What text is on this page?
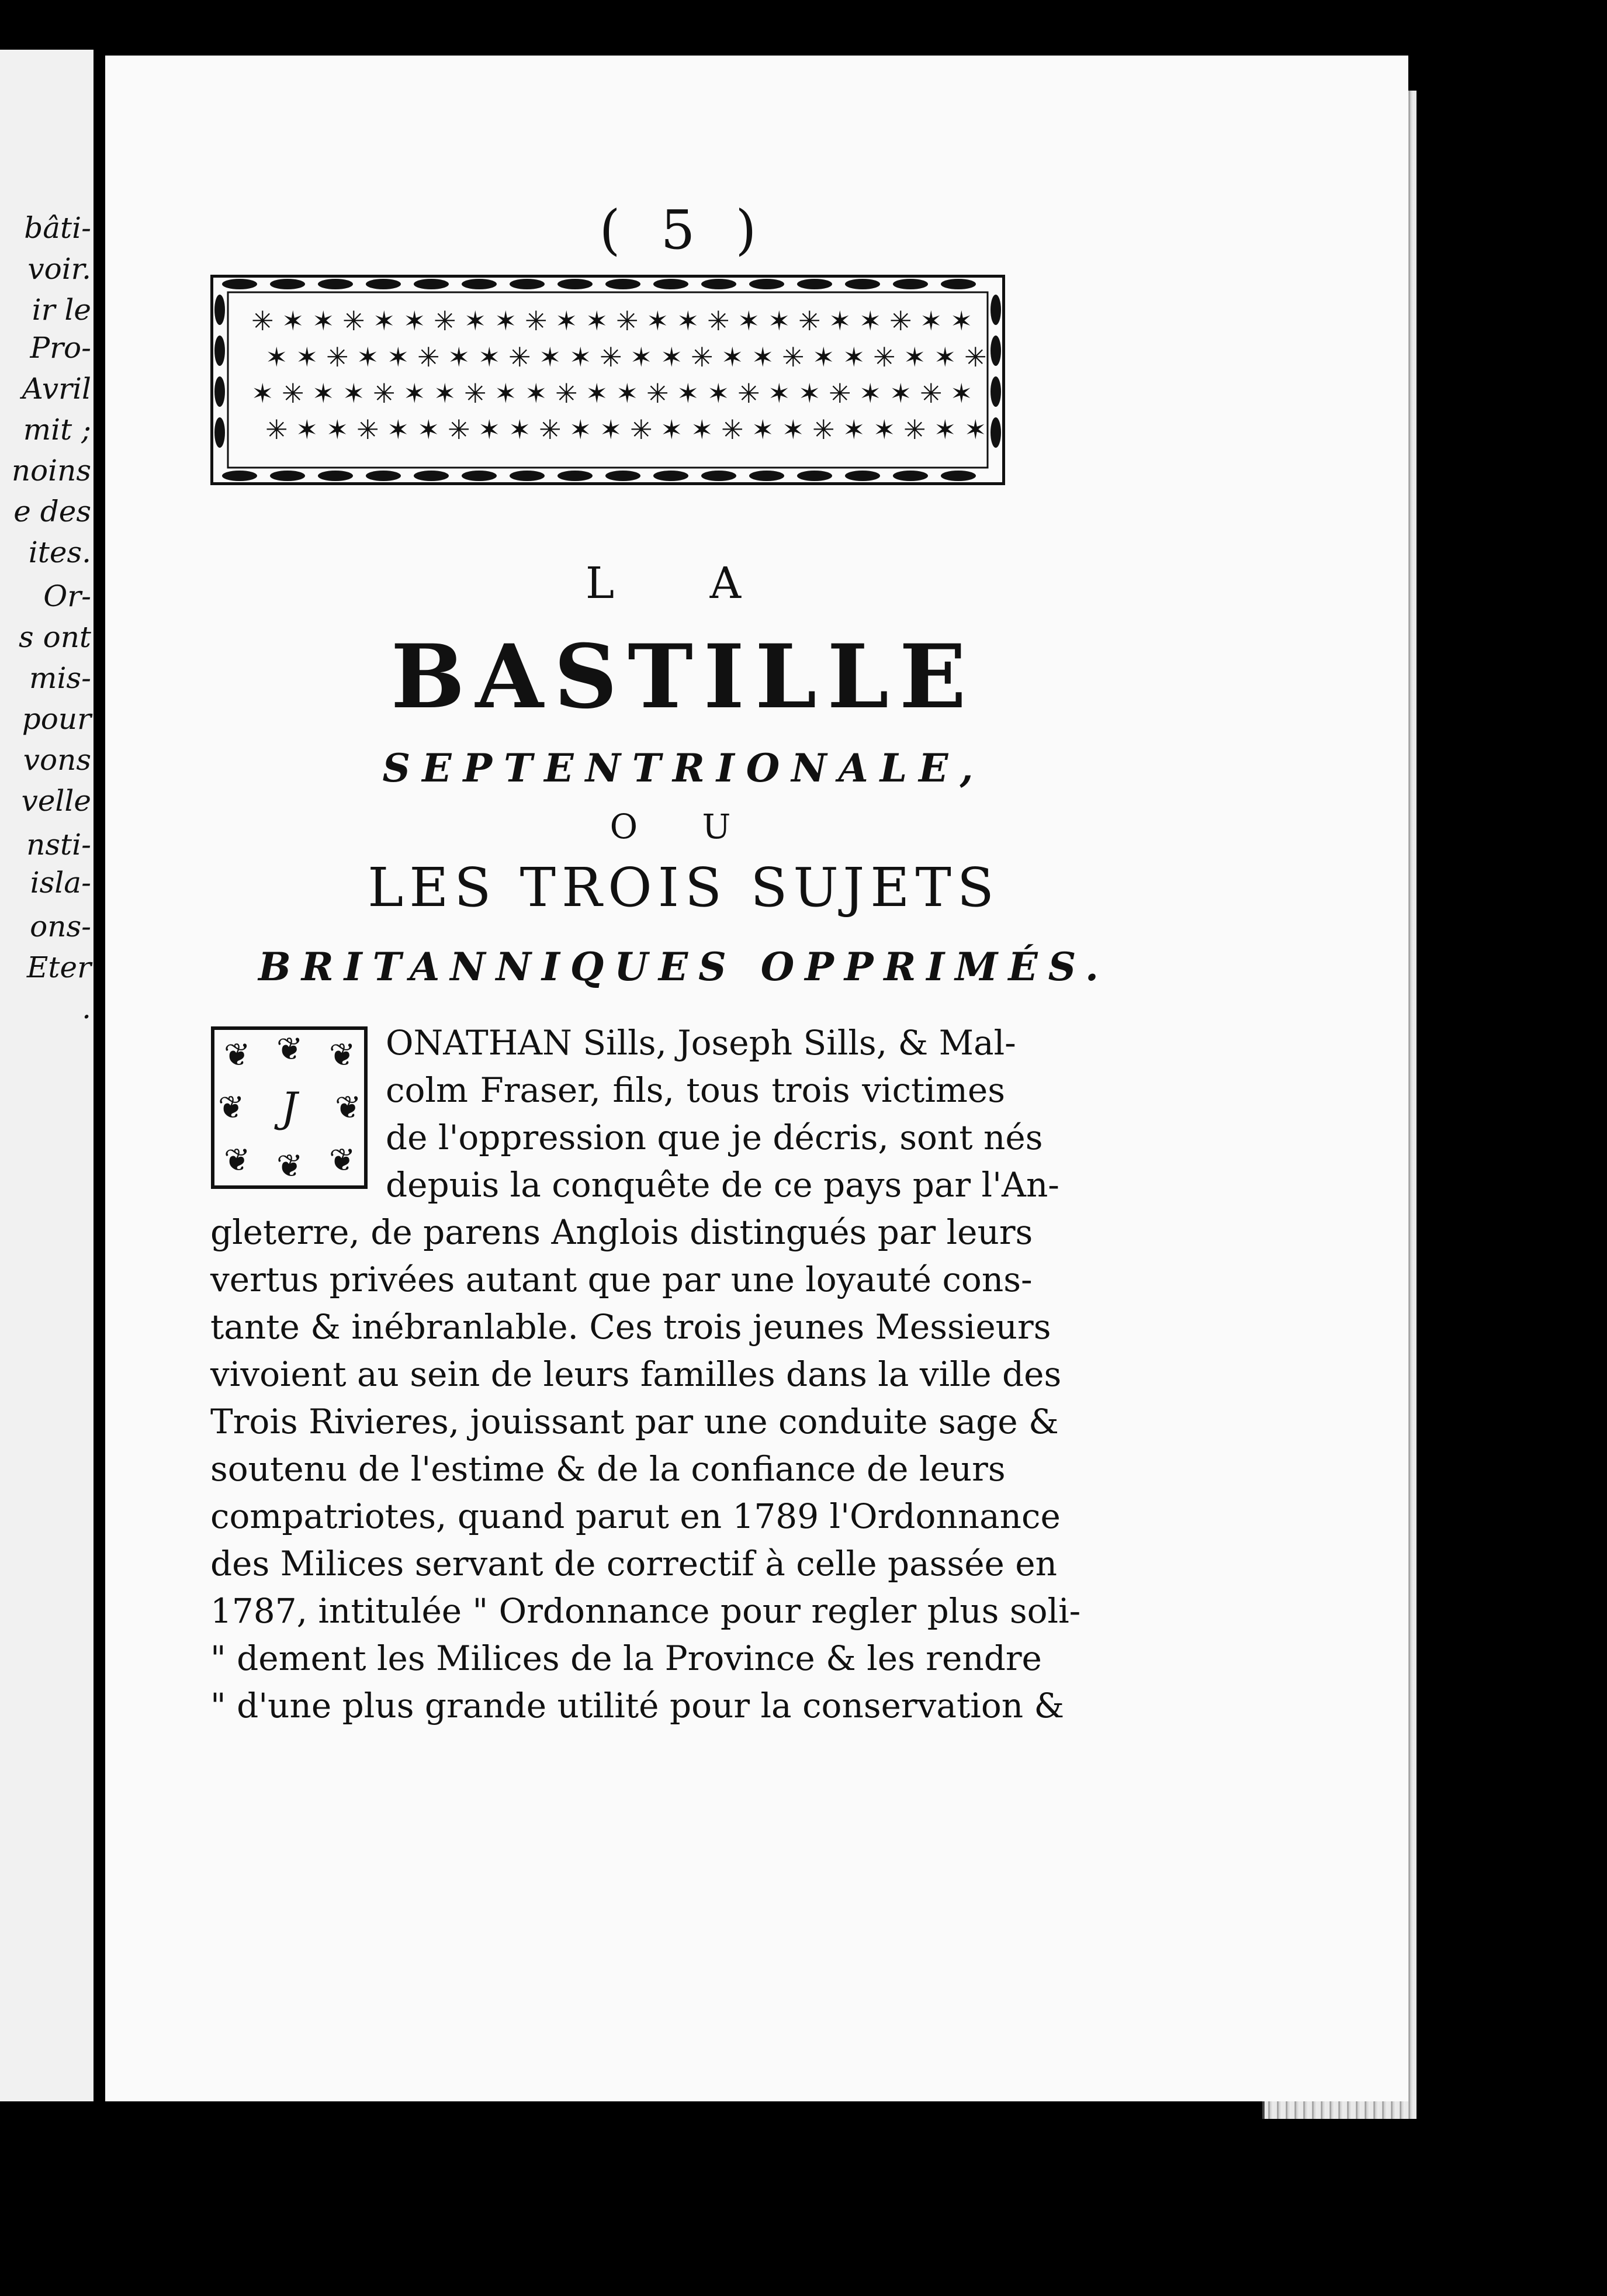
bâti-
voir.
ir le
Pro-
Avril
mit ;
noins
e des
ites.
Or-
s ont
mis-
pour
vons
velle
nsti-
isla-
ons-
Eter
.
( 5 )
✳ ✶ ✶ ✳ ✶ ✶ ✳ ✶ ✶ ✳ ✶ ✶ ✳ ✶ ✶ ✳ ✶ ✶ ✳ ✶ ✶ ✳ ✶ ✶
✶ ✶ ✳ ✶ ✶ ✳ ✶ ✶ ✳ ✶ ✶ ✳ ✶ ✶ ✳ ✶ ✶ ✳ ✶ ✶ ✳ ✶ ✶ ✳
✶ ✳ ✶ ✶ ✳ ✶ ✶ ✳ ✶ ✶ ✳ ✶ ✶ ✳ ✶ ✶ ✳ ✶ ✶ ✳ ✶ ✶ ✳ ✶
✳ ✶ ✶ ✳ ✶ ✶ ✳ ✶ ✶ ✳ ✶ ✶ ✳ ✶ ✶ ✳ ✶ ✶ ✳ ✶ ✶ ✳ ✶ ✶
L A
BASTILLE
SEPTENTRIONALE,
O U
LES TROIS SUJETS
BRITANNIQUES OPPRIMÉS.
❦ ❦
❦ ❦
❦
❦
❦	❦
J
ONATHAN Sills, Joseph Sills, & Mal-
colm Fraser, fils, tous trois victimes
de l'oppression que je décris, sont nés
depuis la conquête de ce pays par l'An-
gleterre, de parens Anglois distingués par leurs
vertus privées autant que par une loyauté cons-
tante & inébranlable. Ces trois jeunes Messieurs
vivoient au sein de leurs familles dans la ville des
Trois Rivieres, jouissant par une conduite sage &
soutenu de l'estime & de la confiance de leurs
compatriotes, quand parut en 1789 l'Ordonnance
des Milices servant de correctif à celle passée en
1787, intitulée " Ordonnance pour regler plus soli-
" dement les Milices de la Province & les rendre
" d'une plus grande utilité pour la conservation &
